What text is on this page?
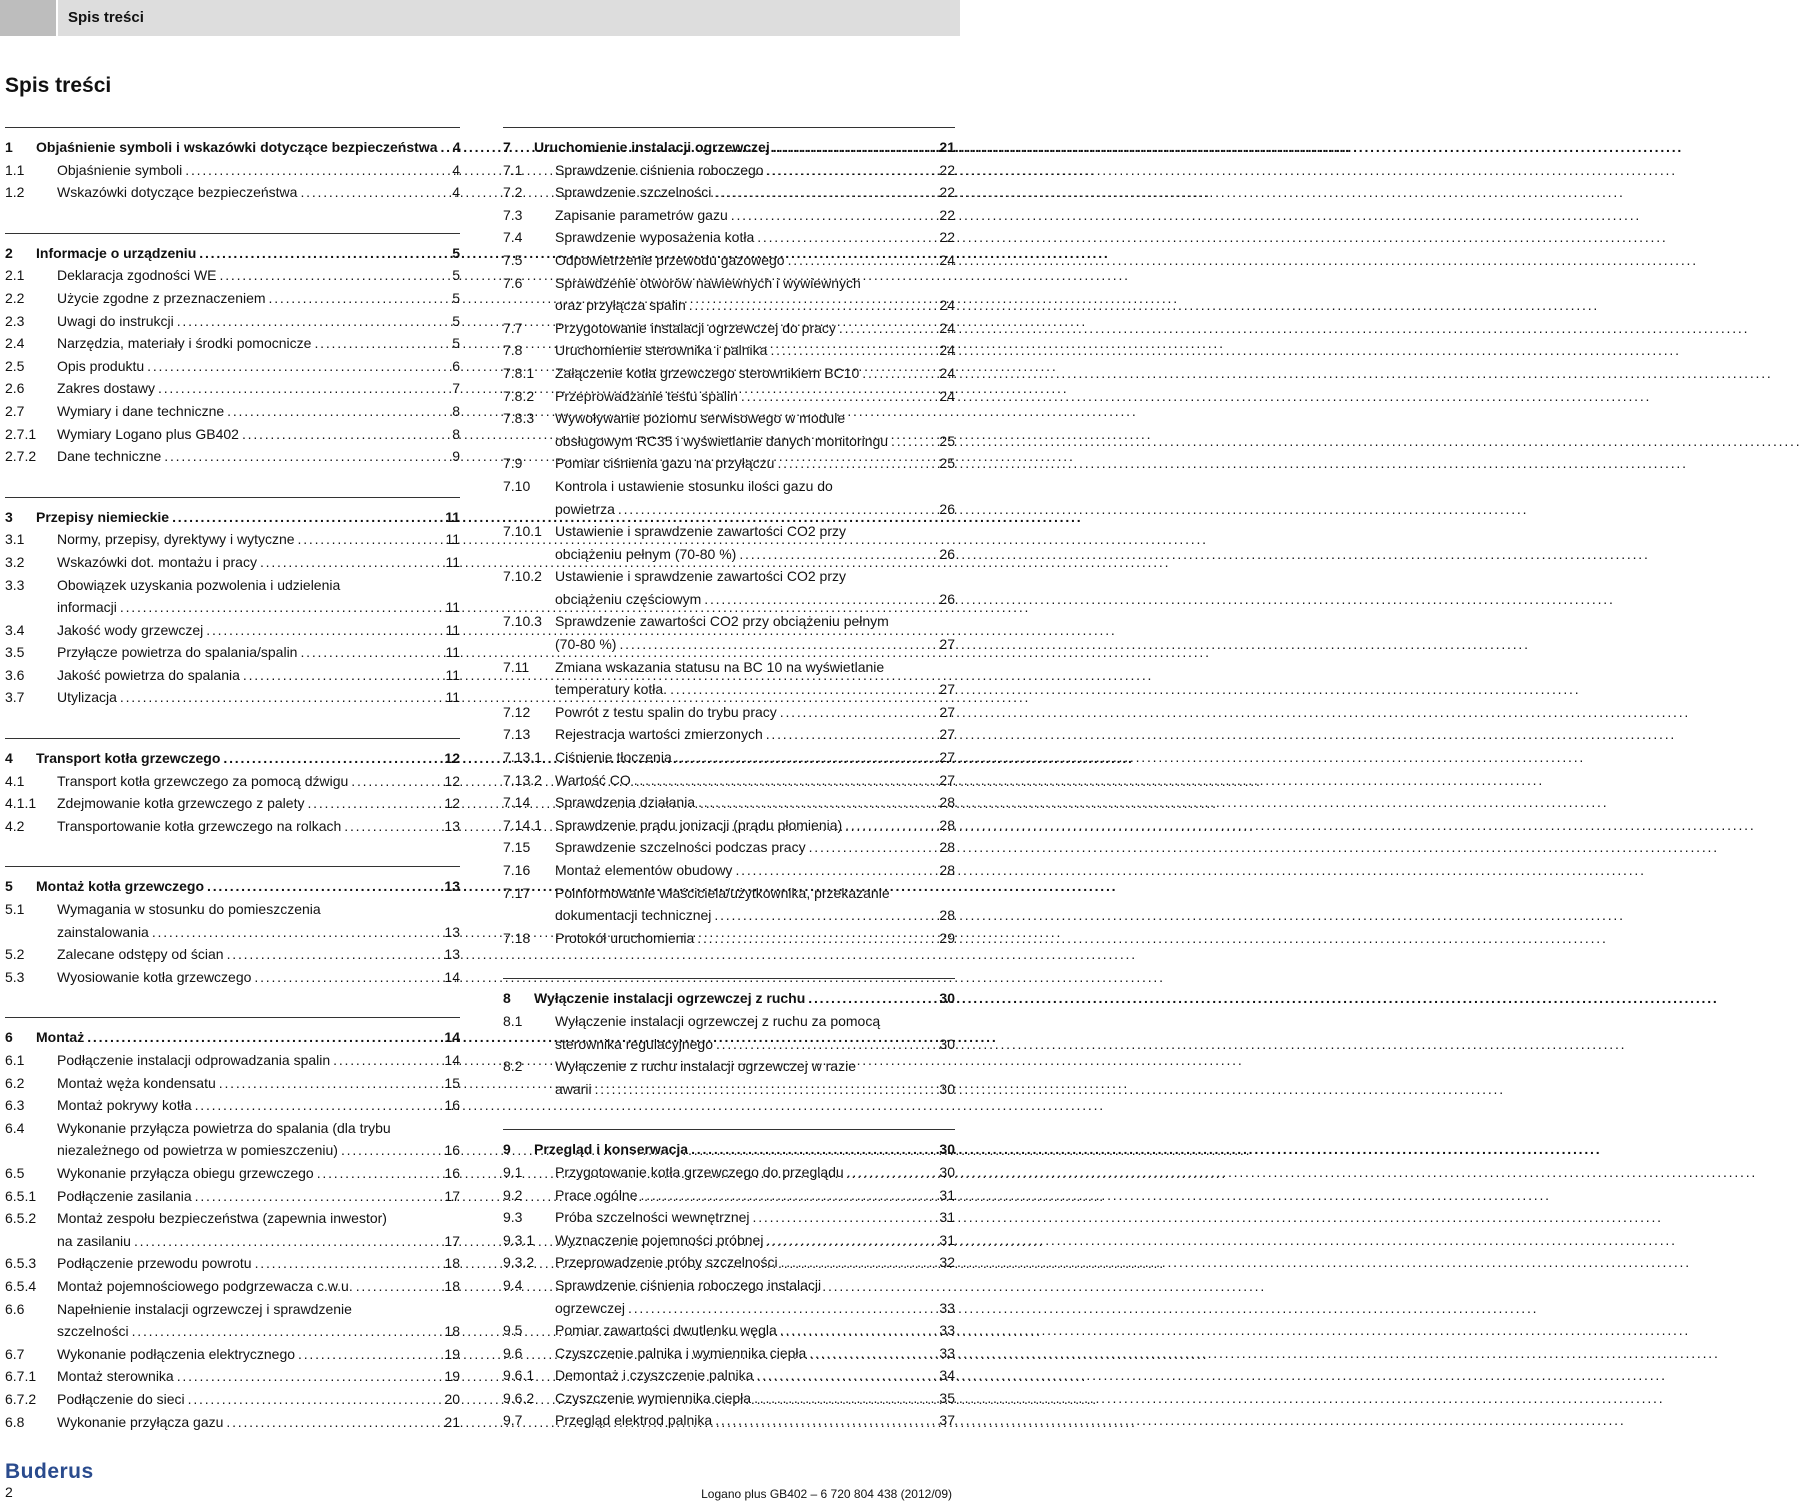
Spis treści
Spis treści
1	Objaśnienie symboli i wskazówki dotyczące bezpieczeństwa .....	4
1.1	Objaśnienie symboli .....	4
1.2	Wskazówki dotyczące bezpieczeństwa .....	4
2	Informacje o urządzeniu .....	5
2.1	Deklaracja zgodności WE .....	5
2.2	Użycie zgodne z przeznaczeniem .....	5
2.3	Uwagi do instrukcji .....	5
2.4	Narzędzia, materiały i środki pomocnicze .....	5
2.5	Opis produktu .....	6
2.6	Zakres dostawy .....	7
2.7	Wymiary i dane techniczne .....	8
2.7.1	Wymiary Logano plus GB402 .....	8
2.7.2	Dane techniczne .....	9
3	Przepisy niemieckie .....	11
3.1	Normy, przepisy, dyrektywy i wytyczne .....	11
3.2	Wskazówki dot. montażu i pracy .....	11
3.3	Obowiązek uzyskania pozwolenia i udzielenia
informacji .....	11
3.4	Jakość wody grzewczej .....	11
3.5	Przyłącze powietrza do spalania/spalin .....	11
3.6	Jakość powietrza do spalania .....	11
3.7	Utylizacja .....	11
4	Transport kotła grzewczego .....	12
4.1	Transport kotła grzewczego za pomocą dźwigu .....	12
4.1.1	Zdejmowanie kotła grzewczego z palety .....	12
4.2	Transportowanie kotła grzewczego na rolkach .....	13
5	Montaż kotła grzewczego .....	13
5.1	Wymagania w stosunku do pomieszczenia
zainstalowania .....	13
5.2	Zalecane odstępy od ścian .....	13
5.3	Wyosiowanie kotła grzewczego .....	14
6	Montaż .....	14
6.1	Podłączenie instalacji odprowadzania spalin .....	14
6.2	Montaż węża kondensatu .....	15
6.3	Montaż pokrywy kotła .....	16
6.4	Wykonanie przyłącza powietrza do spalania (dla trybu
niezależnego od powietrza w pomieszczeniu) .....	16
6.5	Wykonanie przyłącza obiegu grzewczego .....	16
6.5.1	Podłączenie zasilania .....	17
6.5.2	Montaż zespołu bezpieczeństwa (zapewnia inwestor)
na zasilaniu .....	17
6.5.3	Podłączenie przewodu powrotu .....	18
6.5.4	Montaż pojemnościowego podgrzewacza c.w.u. .....	18
6.6	Napełnienie instalacji ogrzewczej i sprawdzenie
szczelności .....	18
6.7	Wykonanie podłączenia elektrycznego .....	19
6.7.1	Montaż sterownika .....	19
6.7.2	Podłączenie do sieci .....	20
6.8	Wykonanie przyłącza gazu .....	21
7	Uruchomienie instalacji ogrzewczej .....	21
7.1	Sprawdzenie ciśnienia roboczego .....	22
7.2	Sprawdzenie szczelności .....	22
7.3	Zapisanie parametrów gazu .....	22
7.4	Sprawdzenie wyposażenia kotła .....	22
7.5	Odpowietrzenie przewodu gazowego .....	24
7.6	Sprawdzenie otworów nawiewnych i wywiewnych
oraz przyłącza spalin .....	24
7.7	Przygotowanie instalacji ogrzewczej do pracy .....	24
7.8	Uruchomienie sterownika i palnika .....	24
7.8.1	Załączenie kotła grzewczego sterownikiem BC10 .....	24
7.8.2	Przeprowadzanie testu spalin .....	24
7.8.3	Wywoływanie poziomu serwisowego w module
obsługowym RC35 i wyświetlanie danych monitoringu .....	25
7.9	Pomiar ciśnienia gazu na przyłączu .....	25
7.10	Kontrola i ustawienie stosunku ilości gazu do
powietrza .....	26
7.10.1 Ustawienie i sprawdzenie zawartości CO2 przy
obciążeniu pełnym (70-80 %) .....	26
7.10.2 Ustawienie i sprawdzenie zawartości CO2 przy
obciążeniu częściowym .....	26
7.10.3 Sprawdzenie zawartości CO2 przy obciążeniu pełnym
(70-80 %) .....	27
7.11	Zmiana wskazania statusu na BC 10 na wyświetlanie
temperatury kotła. .....	27
7.12	Powrót z testu spalin do trybu pracy .....	27
7.13	Rejestracja wartości zmierzonych .....	27
7.13.1 Ciśnienie tłoczenia .....	27
7.13.2 Wartość CO .....	27
7.14	Sprawdzenia działania .....	28
7.14.1 Sprawdzenie prądu jonizacji (prądu płomienia) .....	28
7.15	Sprawdzenie szczelności podczas pracy .....	28
7.16	Montaż elementów obudowy .....	28
7.17	Poinformowanie właściciela/użytkownika, przekazanie
dokumentacji technicznej .....	28
7.18	Protokół uruchomienia .....	29
8	Wyłączenie instalacji ogrzewczej z ruchu .....	30
8.1	Wyłączenie instalacji ogrzewczej z ruchu za pomocą
sterownika regulacyjnego .....	30
8.2	Wyłączenie z ruchu instalacji ogrzewczej w razie
awarii .....	30
9	Przegląd i konserwacja .....	30
9.1	Przygotowanie kotła grzewczego do przeglądu .....	30
9.2	Prace ogólne .....	31
9.3	Próba szczelności wewnętrznej .....	31
9.3.1	Wyznaczenie pojemności próbnej .....	31
9.3.2	Przeprowadzenie próby szczelności .....	32
9.4	Sprawdzenie ciśnienia roboczego instalacji
ogrzewczej .....	33
9.5	Pomiar zawartości dwutlenku węgla .....	33
9.6	Czyszczenie palnika i wymiennika ciepła .....	33
9.6.1	Demontaż i czyszczenie palnika .....	34
9.6.2	Czyszczenie wymiennika ciepła .....	35
9.7	Przegląd elektrod palnika .....	37
Buderus
2	Logano plus GB402 – 6 720 804 438 (2012/09)
